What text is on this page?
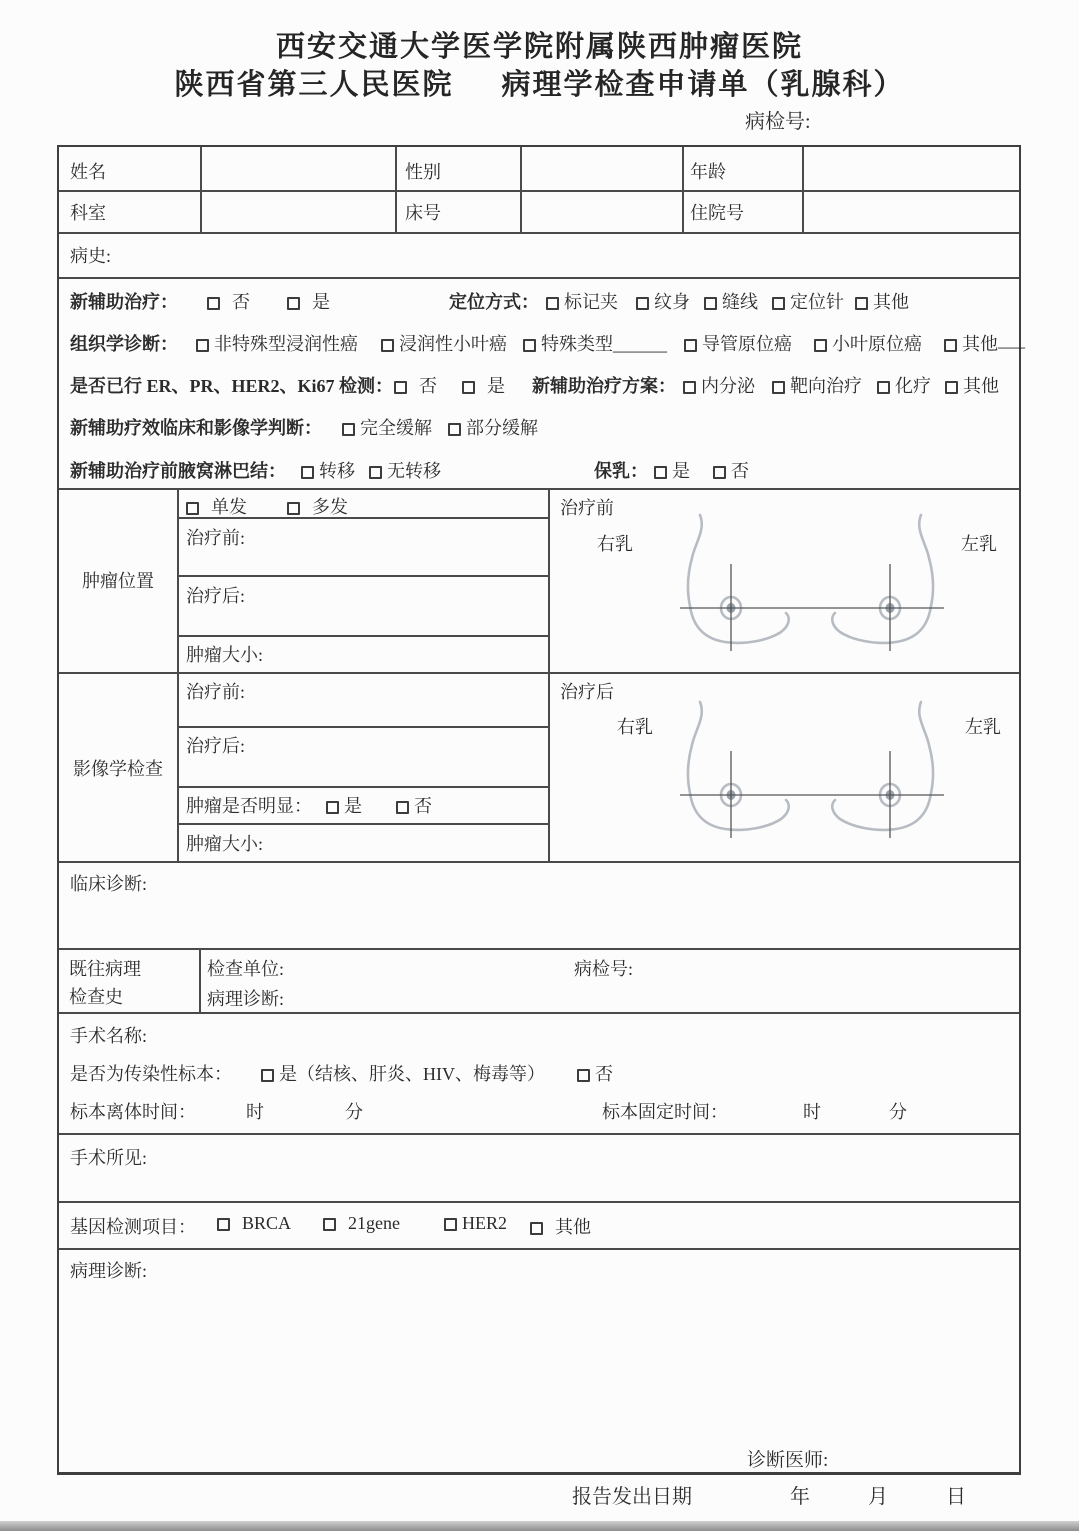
西安交通大学医学院附属陕西肿瘤医院
陕西省第三人民医院 病理学检查申请单（乳腺科）
病检号:
姓名	性别	年龄
科室	床号	住院号
病史:
新辅助治疗：	否	是	定位方式：	标记夹	纹身	缝线	定位针	其他
组织学诊断：	非特殊型浸润性癌	浸润性小叶癌	特殊类型______	导管原位癌	小叶原位癌	其他 ___
是否已行 ER、PR、HER2、Ki67 检测：	否	是 新辅助治疗方案：	内分泌	靶向治疗	化疗	其他
新辅助疗效临床和影像学判断：	完全缓解	部分缓解
新辅助治疗前腋窝淋巴结：	转移	无转移	保乳：	是	否
肿瘤位置
单发	多发
治疗前:
治疗后:
肿瘤大小:
影像学检查
治疗前:
治疗后:
肿瘤是否明显：	是	否
肿瘤大小:
治疗前
右乳	左乳
治疗后
右乳	左乳
临床诊断:
既往病理
检查史
检查单位:	病检号:
病理诊断:
手术名称:
是否为传染性标本：	是（结核、肝炎、HIV、梅毒等）	否
标本离体时间：	时	分	标本固定时间：	时	分
手术所见:
基因检测项目：	BRCA	21gene	HER2	其他
病理诊断:
诊断医师:
报告发出日期	年	月	日
